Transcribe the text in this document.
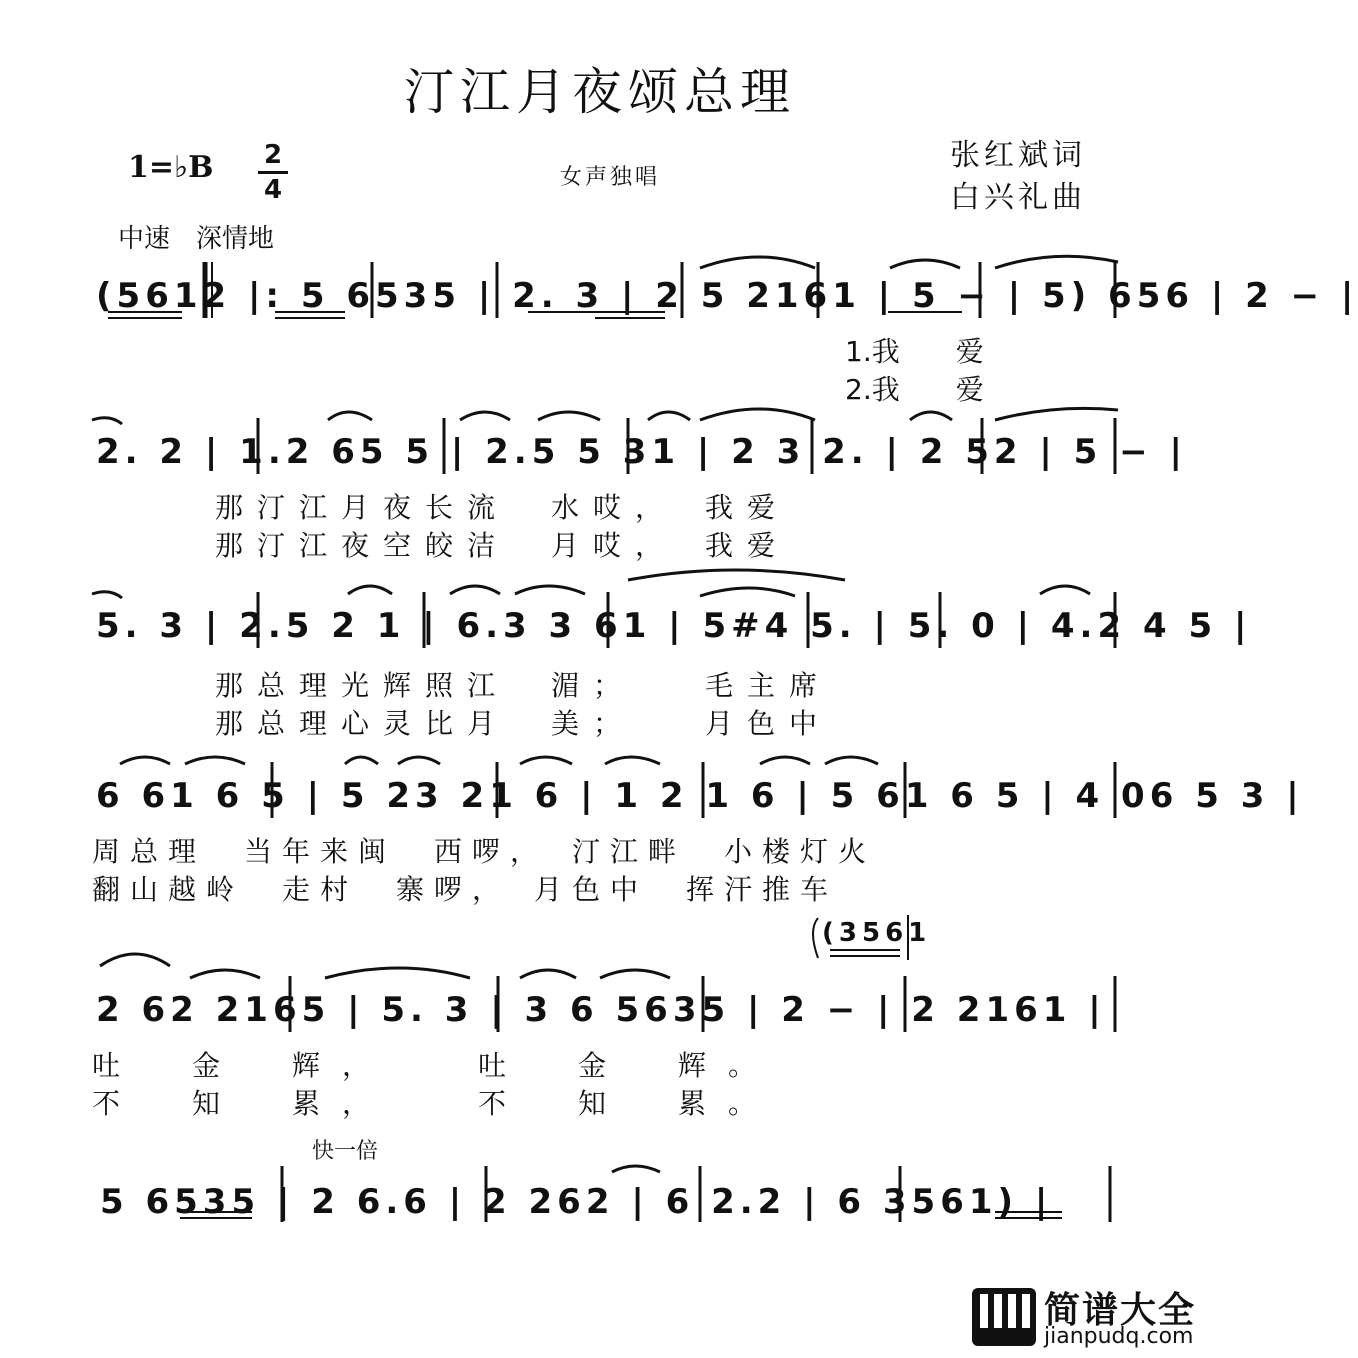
汀江月夜颂总理
1=♭B 2
4	女声独唱
张红斌词
白兴礼曲
中速　深情地
(5612 |: 5 6535 | 2. 3 | 2 5 2161 | 5 − | 5) 656 | 2 − |
1.我　　爱
2.我　　爱
2. 2 | 1.2 65 5 | 2.5 5 31 | 2 3 2. | 2 52 | 5 − |
那汀江月夜长流　水哎，　我爱
那汀江夜空皎洁　月哎，　我爱
5. 3 | 2.5 2 1 | 6.3 3 61 | 5#4 5. | 5. 0 | 4.2 4 5 |
那总理光辉照江　湄；　　毛主席
那总理心灵比月　美；　　月色中
6 61 6 5 | 5 23 21 6 | 1 2 1 6 | 5 61 6 5 | 4 06 5 3 |
周总理　当年来闽　西啰，　汀江畔　小楼灯火
翻山越岭　走村　寨啰，　月色中　挥汗推车
(3561
2 62 2165 | 5. 3 | 3 6 5635 | 2 − | 2 2161 |
吐　金　辉，　　吐　金　辉。
不　知　累，　　不　知　累。
快一倍
5 6535 | 2 6.6 | 2 262 | 6 2.2 | 6 3561) |
简谱大全
jianpudq.com
